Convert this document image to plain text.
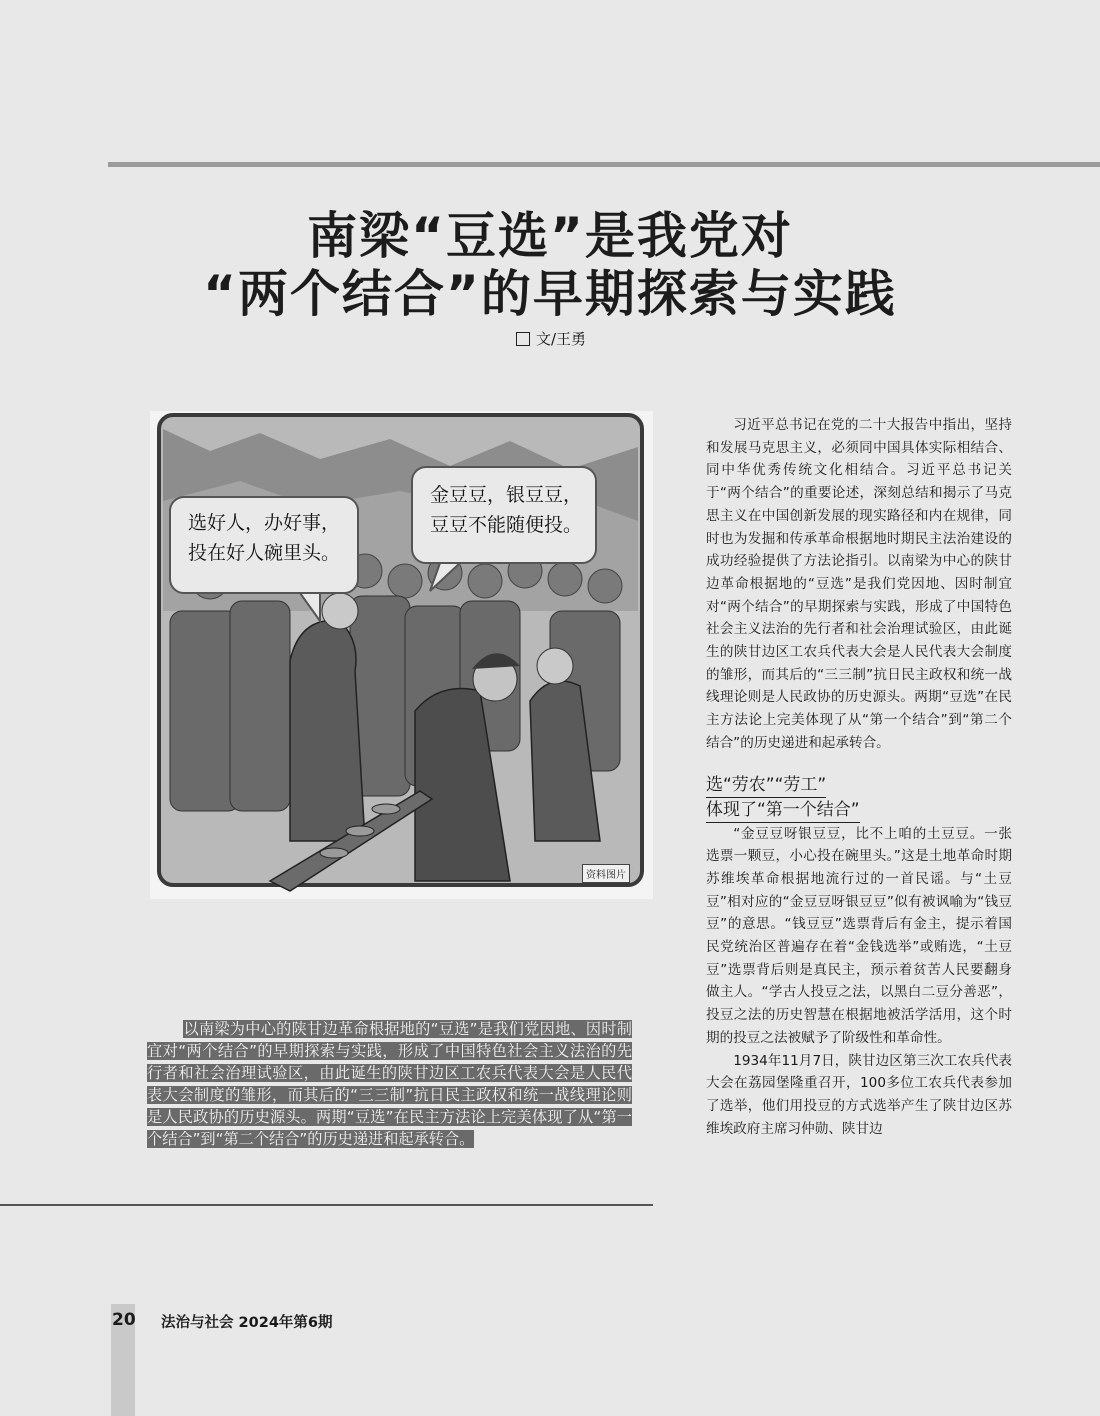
南梁“豆选”是我党对
“两个结合”的早期探索与实践
文/王勇
选好人，办好事，
投在好人碗里头。
金豆豆，银豆豆，
豆豆不能随便投。
资料图片

习近平总书记在党的二十大报告中指出，坚持和发展马克思主义，必须同中国具体实际相结合、同中华优秀传统文化相结合。习近平总书记关于“两个结合”的重要论述，深刻总结和揭示了马克思主义在中国创新发展的现实路径和内在规律，同时也为发掘和传承革命根据地时期民主法治建设的成功经验提供了方法论指引。以南梁为中心的陕甘边革命根据地的“豆选”是我们党因地、因时制宜对“两个结合”的早期探索与实践，形成了中国特色社会主义法治的先行者和社会治理试验区，由此诞生的陕甘边区工农兵代表大会是人民代表大会制度的雏形，而其后的“三三制”抗日民主政权和统一战线理论则是人民政协的历史源头。两期“豆选”在民主方法论上完美体现了从“第一个结合”到“第二个结合”的历史递进和起承转合。

选“劳农”“劳工”
体现了“第一个结合”

“金豆豆呀银豆豆，比不上咱的土豆豆。一张选票一颗豆，小心投在碗里头。”这是土地革命时期苏维埃革命根据地流行过的一首民谣。与“土豆豆”相对应的“金豆豆呀银豆豆”似有被讽喻为“钱豆豆”的意思。“钱豆豆”选票背后有金主，提示着国民党统治区普遍存在着“金钱选举”或贿选，“土豆豆”选票背后则是真民主，预示着贫苦人民要翻身做主人。“学古人投豆之法，以黑白二豆分善恶”，投豆之法的历史智慧在根据地被活学活用，这个时期的投豆之法被赋予了阶级性和革命性。

1934年11月7日，陕甘边区第三次工农兵代表大会在荔园堡隆重召开，100多位工农兵代表参加了选举，他们用投豆的方式选举产生了陕甘边区苏维埃政府主席习仲勋、陕甘边

以南梁为中心的陕甘边革命根据地的“豆选”是我们党因地、因时制宜对“两个结合”的早期探索与实践，形成了中国特色社会主义法治的先行者和社会治理试验区，由此诞生的陕甘边区工农兵代表大会是人民代表大会制度的雏形，而其后的“三三制”抗日民主政权和统一战线理论则是人民政协的历史源头。两期“豆选”在民主方法论上完美体现了从“第一个结合”到“第二个结合”的历史递进和起承转合。
20 法治与社会 2024年第6期
